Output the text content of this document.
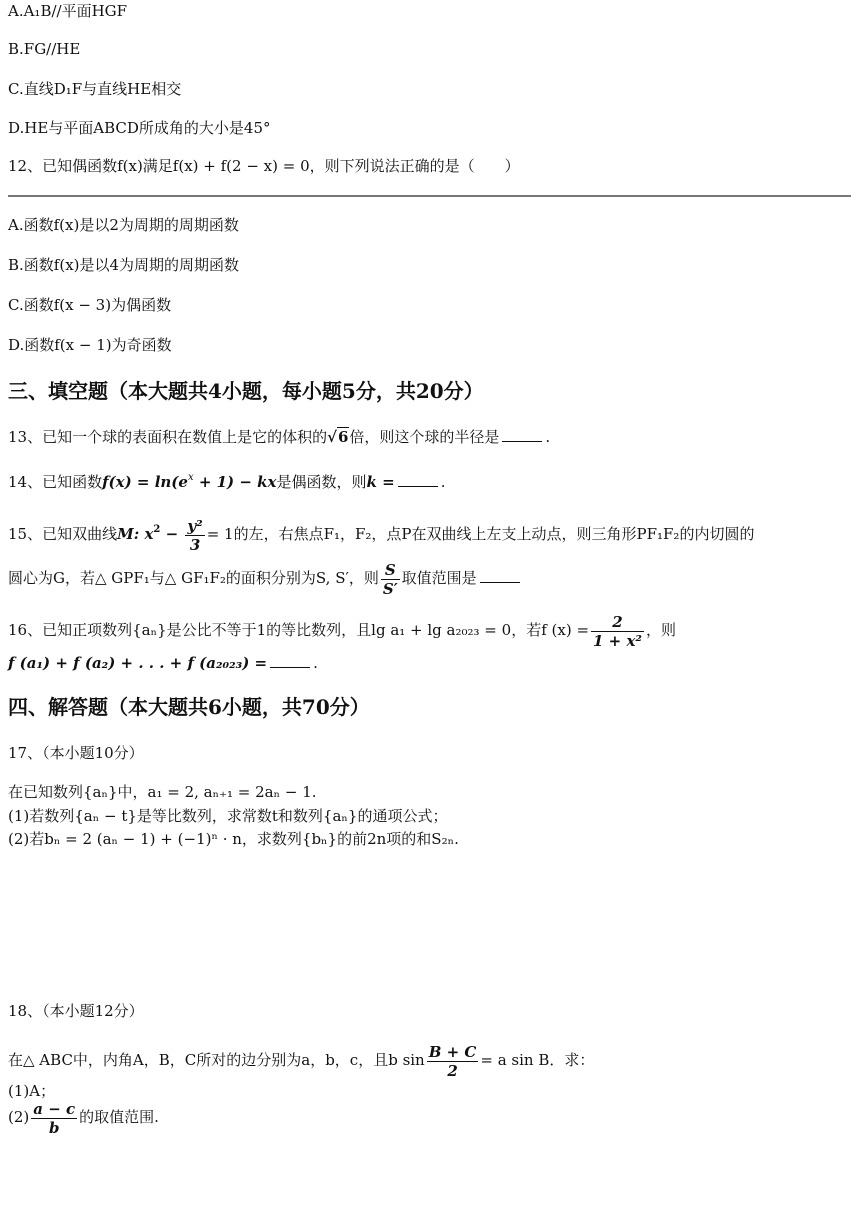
A.A₁B//平面HGF
B.FG//HE
C.直线D₁F与直线HE相交
D.HE与平面ABCD所成角的大小是45°
12、已知偶函数f(x)满足f(x) + f(2 − x) = 0，则下列说法正确的是（　　）
A.函数f(x)是以2为周期的周期函数
B.函数f(x)是以4为周期的周期函数
C.函数f(x − 3)为偶函数
D.函数f(x − 1)为奇函数
三、填空题（本大题共4小题，每小题5分，共20分）
13、已知一个球的表面积在数值上是它的体积的√6倍，则这个球的半径是	.
14、已知函数$f(x) = \ln(e^x + 1)$ − kx是偶函数，则k =	.
15、已知双曲线M: $x^2 - \frac{\text{y²}}{3} = 1$的左，右焦点F₁，F₂，点P在双曲线上左支上动点，则三角形PF₁F₂的内切圆的
圆心为G，若△ GPF₁与△ GF₁F₂的面积分别为S, S′，则 $\frac{S}{S'}$ 取值范围是
16、已知正项数列{aₙ}是公比不等于1的等比数列，且lg a₁ + lg a₂₀₂₃ = 0，若f $(x) = \frac{2}{\text{1 + x²}}$ ，则
f (a₁) + f (a₂) + . . . + f (a₂₀₂₃) =	.
四、解答题（本大题共6小题，共70分）
17、（本小题10分）
在已知数列{aₙ}中，a₁ = 2, aₙ₊₁ = 2aₙ − 1.
(1)若数列{aₙ − t}是等比数列，求常数t和数列{aₙ}的通项公式；
(2)若bₙ = 2 (aₙ − 1) + (−1)ⁿ · n，求数列{bₙ}的前2n项的和S₂ₙ.
18、（本小题12分）
在△ ABC中，内角A，B，C所对的边分别为a，b，c，且b $\sin \frac{B + C}{2} = a$ sin B．求：
(1)A；
$(2) \frac{a - c}{b}$ 的取值范围.
